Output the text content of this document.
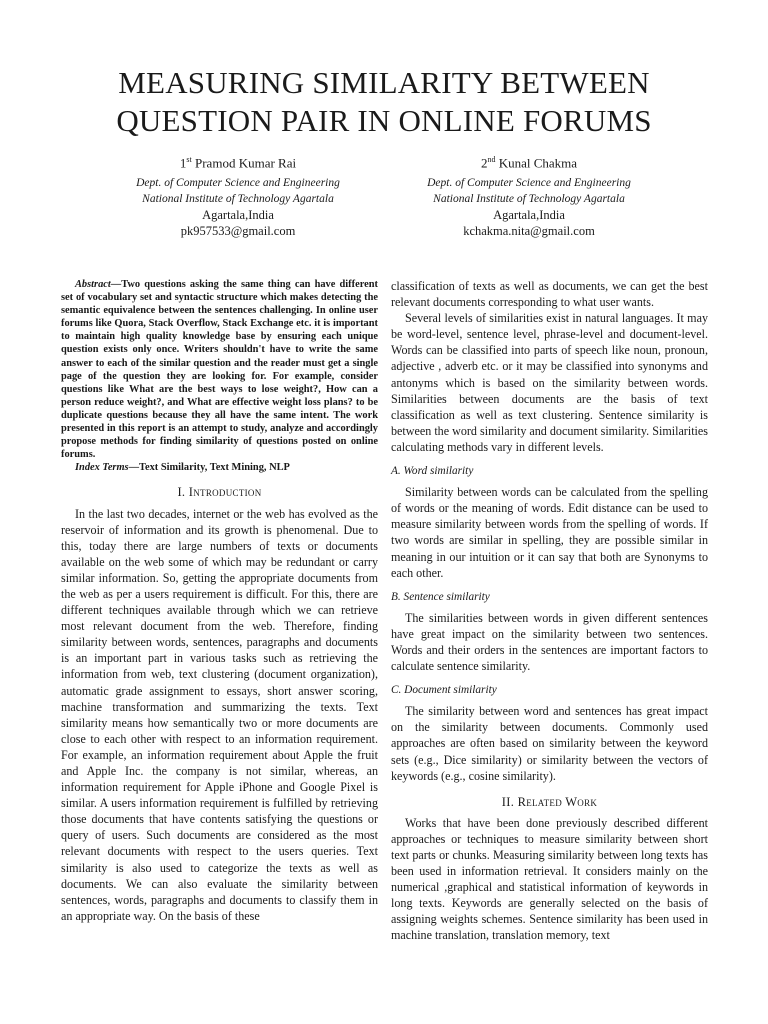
MEASURING SIMILARITY BETWEEN
QUESTION PAIR IN ONLINE FORUMS
1st Pramod Kumar Rai
Dept. of Computer Science and Engineering
National Institute of Technology Agartala
Agartala,India
pk957533@gmail.com
2nd Kunal Chakma
Dept. of Computer Science and Engineering
National Institute of Technology Agartala
Agartala,India
kchakma.nita@gmail.com

Abstract—Two questions asking the same thing can have different set of vocabulary set and syntactic structure which makes detecting the semantic equivalence between the sentences challenging. In online user forums like Quora, Stack Overflow, Stack Exchange etc. it is important to maintain high quality knowledge base by ensuring each unique question exists only once. Writers shouldn't have to write the same answer to each of the similar question and the reader must get a single page of the question they are looking for. For example, consider questions like What are the best ways to lose weight?, How can a person reduce weight?, and What are effective weight loss plans? to be duplicate questions because they all have the same intent. The work presented in this report is an attempt to study, analyze and accordingly propose methods for finding similarity of questions posted on online forums.

Index Terms—Text Similarity, Text Mining, NLP

I. Introduction

In the last two decades, internet or the web has evolved as the reservoir of information and its growth is phenomenal. Due to this, today there are large numbers of texts or documents available on the web some of which may be redundant or carry similar information. So, getting the appropriate documents from the web as per a users requirement is difficult. For this, there are different techniques available through which we can retrieve most relevant document from the web. Therefore, finding similarity between words, sentences, paragraphs and documents is an important part in various tasks such as retrieving the information from web, text clustering (document organization), automatic grade assignment to essays, short answer scoring, machine transformation and summarizing the texts. Text similarity means how semantically two or more documents are close to each other with respect to an information requirement. For example, an information requirement about Apple the fruit and Apple Inc. the company is not similar, whereas, an information requirement for Apple iPhone and Google Pixel is similar. A users information requirement is fulfilled by retrieving those documents that have contents satisfying the questions or query of users. Such documents are considered as the most relevant documents with respect to the users queries. Text similarity is also used to categorize the texts as well as documents. We can also evaluate the similarity between sentences, words, paragraphs and documents to classify them in an appropriate way. On the basis of these

classification of texts as well as documents, we can get the best relevant documents corresponding to what user wants.

Several levels of similarities exist in natural languages. It may be word-level, sentence level, phrase-level and document-level. Words can be classified into parts of speech like noun, pronoun, adjective , adverb etc. or it may be classified into synonyms and antonyms which is based on the similarity between words. Similarities between documents are the basis of text classification as well as text clustering. Sentence similarity is between the word similarity and document similarity. Similarities calculating methods vary in different levels.

A. Word similarity

Similarity between words can be calculated from the spelling of words or the meaning of words. Edit distance can be used to measure similarity between words from the spelling of words. If two words are similar in spelling, they are possible similar in meaning in our intuition or it can say that both are Synonyms to each other.

B. Sentence similarity

The similarities between words in given different sentences have great impact on the similarity between two sentences. Words and their orders in the sentences are important factors to calculate sentence similarity.

C. Document similarity

The similarity between word and sentences has great impact on the similarity between documents. Commonly used approaches are often based on similarity between the keyword sets (e.g., Dice similarity) or similarity between the vectors of keywords (e.g., cosine similarity).

II. Related Work

Works that have been done previously described different approaches or techniques to measure similarity between short text parts or chunks. Measuring similarity between long texts has been used in information retrieval. It considers mainly on the numerical ,graphical and statistical information of keywords in long texts. Keywords are generally selected on the basis of assigning weights schemes. Sentence similarity has been used in machine translation, translation memory, text
